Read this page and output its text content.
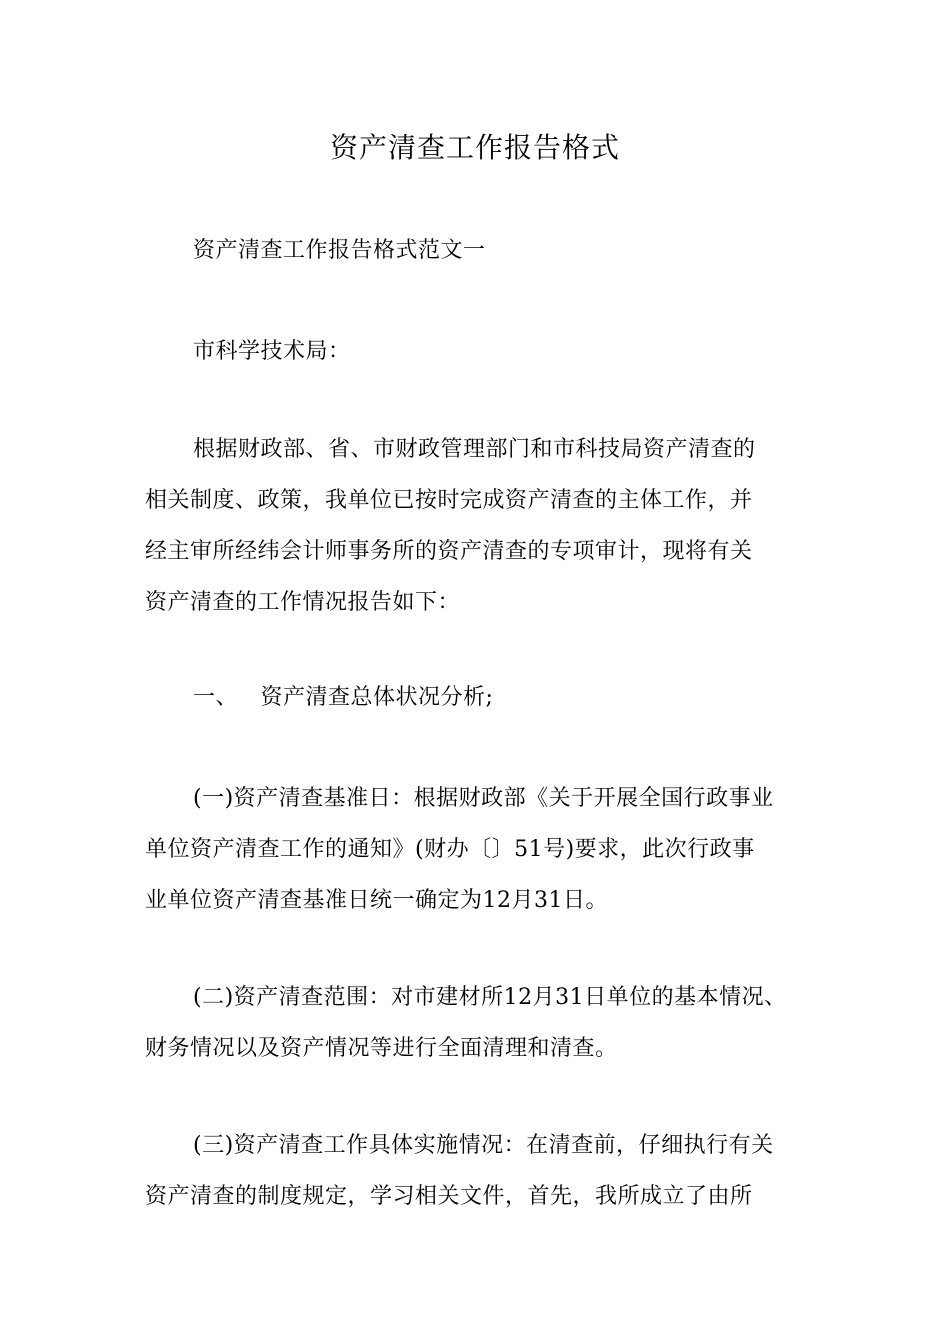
资产清查工作报告格式
资产清查工作报告格式范文一
市科学技术局：
根据财政部、省、市财政管理部门和市科技局资产清查的
相关制度、政策，我单位已按时完成资产清查的主体工作，并
经主审所经纬会计师事务所的资产清查的专项审计，现将有关
资产清查的工作情况报告如下：
一、   资产清查总体状况分析;
(一)资产清查基准日：根据财政部《关于开展全国行政事业
单位资产清查工作的通知》(财办〔〕51号)要求，此次行政事
业单位资产清查基准日统一确定为12月31日。
(二)资产清查范围：对市建材所12月31日单位的基本情况、
财务情况以及资产情况等进行全面清理和清查。
(三)资产清查工作具体实施情况：在清查前，仔细执行有关
资产清查的制度规定，学习相关文件，首先，我所成立了由所
